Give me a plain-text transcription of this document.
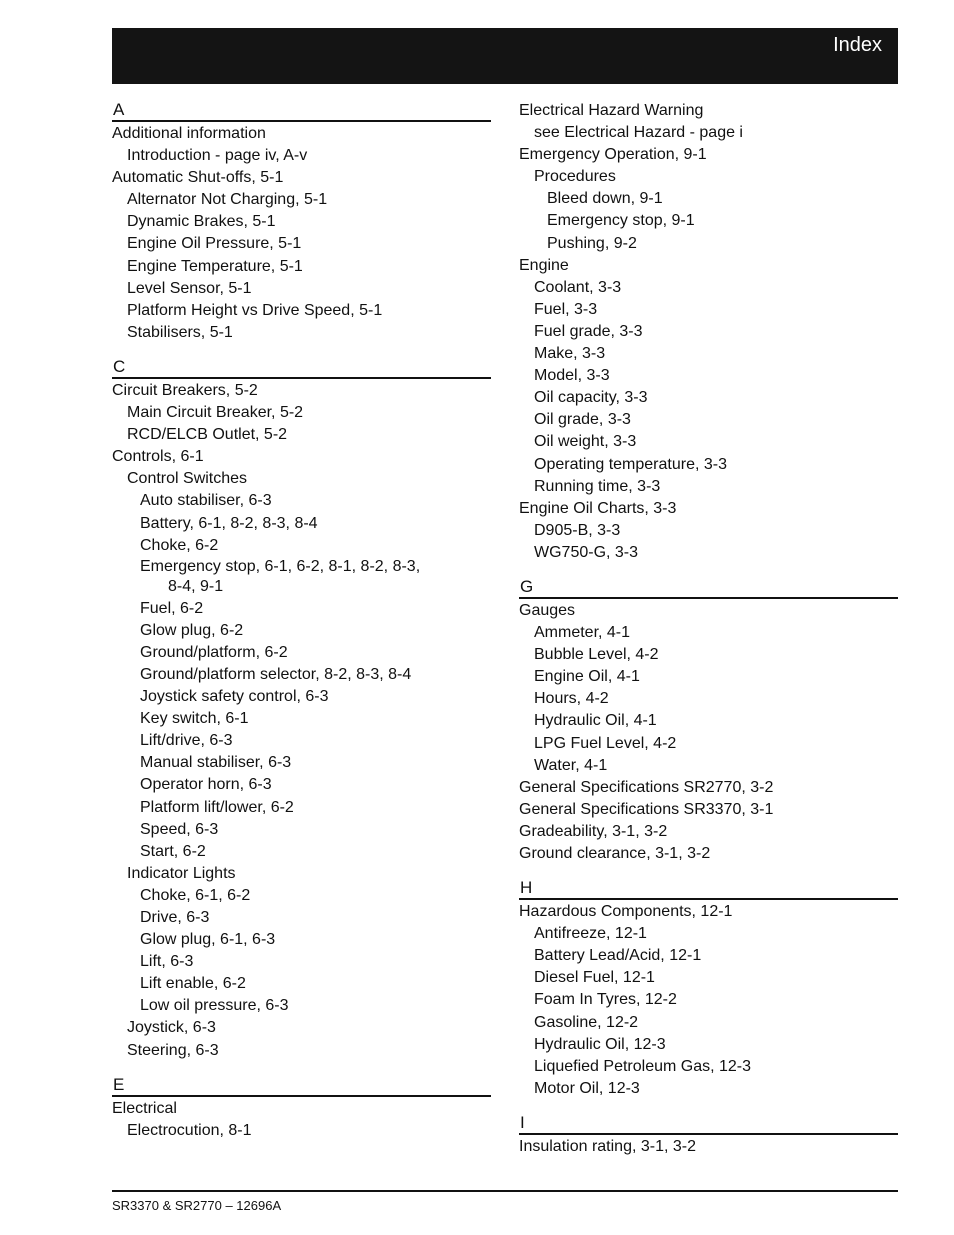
Index
A
Additional information
Introduction - page iv, A-v
Automatic Shut-offs, 5-1
Alternator Not Charging, 5-1
Dynamic Brakes, 5-1
Engine Oil Pressure, 5-1
Engine Temperature, 5-1
Level Sensor, 5-1
Platform Height vs Drive Speed, 5-1
Stabilisers, 5-1
C
Circuit Breakers, 5-2
Main Circuit Breaker, 5-2
RCD/ELCB Outlet, 5-2
Controls, 6-1
Control Switches
Auto stabiliser, 6-3
Battery, 6-1, 8-2, 8-3, 8-4
Choke, 6-2
Emergency stop, 6-1, 6-2, 8-1, 8-2, 8-3,
8-4, 9-1
Fuel, 6-2
Glow plug, 6-2
Ground/platform, 6-2
Ground/platform selector, 8-2, 8-3, 8-4
Joystick safety control, 6-3
Key switch, 6-1
Lift/drive, 6-3
Manual stabiliser, 6-3
Operator horn, 6-3
Platform lift/lower, 6-2
Speed, 6-3
Start, 6-2
Indicator Lights
Choke, 6-1, 6-2
Drive, 6-3
Glow plug, 6-1, 6-3
Lift, 6-3
Lift enable, 6-2
Low oil pressure, 6-3
Joystick, 6-3
Steering, 6-3
E
Electrical
Electrocution, 8-1
Electrical Hazard Warning
see Electrical Hazard - page i
Emergency Operation, 9-1
Procedures
Bleed down, 9-1
Emergency stop, 9-1
Pushing, 9-2
Engine
Coolant, 3-3
Fuel, 3-3
Fuel grade, 3-3
Make, 3-3
Model, 3-3
Oil capacity, 3-3
Oil grade, 3-3
Oil weight, 3-3
Operating temperature, 3-3
Running time, 3-3
Engine Oil Charts, 3-3
D905-B, 3-3
WG750-G, 3-3
G
Gauges
Ammeter, 4-1
Bubble Level, 4-2
Engine Oil, 4-1
Hours, 4-2
Hydraulic Oil, 4-1
LPG Fuel Level, 4-2
Water, 4-1
General Specifications SR2770, 3-2
General Specifications SR3370, 3-1
Gradeability, 3-1, 3-2
Ground clearance, 3-1, 3-2
H
Hazardous Components, 12-1
Antifreeze, 12-1
Battery Lead/Acid, 12-1
Diesel Fuel, 12-1
Foam In Tyres, 12-2
Gasoline, 12-2
Hydraulic Oil, 12-3
Liquefied Petroleum Gas, 12-3
Motor Oil, 12-3
I
Insulation rating, 3-1, 3-2
SR3370 & SR2770 – 12696A
